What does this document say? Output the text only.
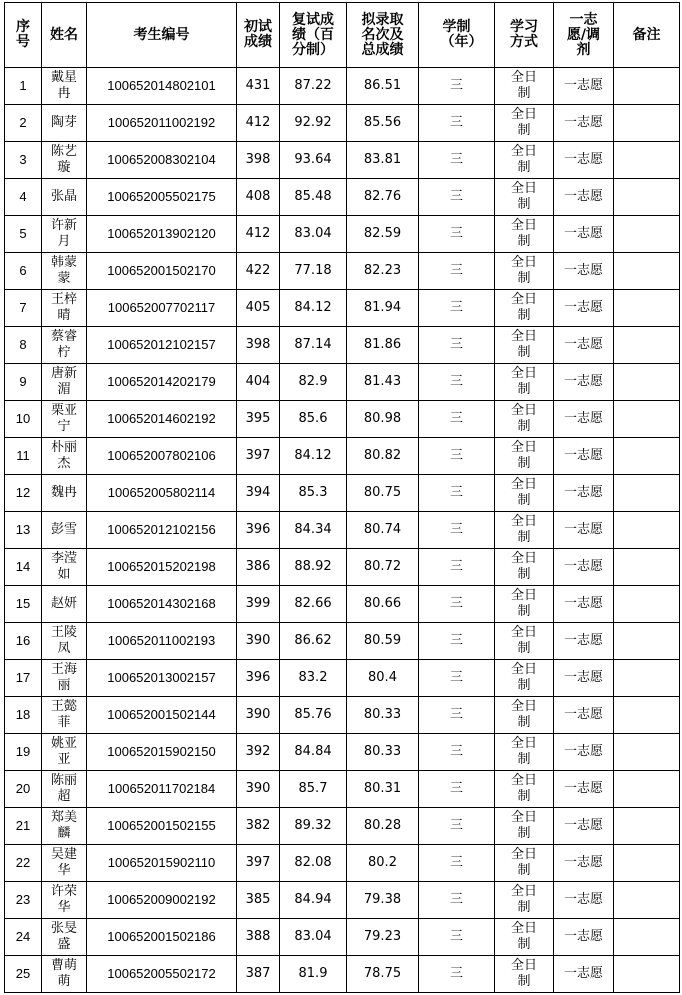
序号	姓名	考生编号	初试成绩	复试成绩（百分制）	拟录取名次及总成绩	学制（年）	学习方式	一志愿/调剂	备注
1	戴星冉	100652014802101	431	87.22	86.51	三	全日制	一志愿	
2	陶芽	100652011002192	412	92.92	85.56	三	全日制	一志愿	
3	陈艺璇	100652008302104	398	93.64	83.81	三	全日制	一志愿	
4	张晶	100652005502175	408	85.48	82.76	三	全日制	一志愿	
5	许新月	100652013902120	412	83.04	82.59	三	全日制	一志愿	
6	韩蒙蒙	100652001502170	422	77.18	82.23	三	全日制	一志愿	
7	王梓晴	100652007702117	405	84.12	81.94	三	全日制	一志愿	
8	蔡睿柠	100652012102157	398	87.14	81.86	三	全日制	一志愿	
9	唐新湄	100652014202179	404	82.9	81.43	三	全日制	一志愿	
10	栗亚宁	100652014602192	395	85.6	80.98	三	全日制	一志愿	
11	朴丽杰	100652007802106	397	84.12	80.82	三	全日制	一志愿	
12	魏冉	100652005802114	394	85.3	80.75	三	全日制	一志愿	
13	彭雪	100652012102156	396	84.34	80.74	三	全日制	一志愿	
14	李滢如	100652015202198	386	88.92	80.72	三	全日制	一志愿	
15	赵妍	100652014302168	399	82.66	80.66	三	全日制	一志愿	
16	王陵凤	100652011002193	390	86.62	80.59	三	全日制	一志愿	
17	王海丽	100652013002157	396	83.2	80.4	三	全日制	一志愿	
18	王懿菲	100652001502144	390	85.76	80.33	三	全日制	一志愿	
19	姚亚亚	100652015902150	392	84.84	80.33	三	全日制	一志愿	
20	陈丽超	100652011702184	390	85.7	80.31	三	全日制	一志愿	
21	郑美麟	100652001502155	382	89.32	80.28	三	全日制	一志愿	
22	吴建华	100652015902110	397	82.08	80.2	三	全日制	一志愿	
23	许荣华	100652009002192	385	84.94	79.38	三	全日制	一志愿	
24	张旻盛	100652001502186	388	83.04	79.23	三	全日制	一志愿	
25	曹萌萌	100652005502172	387	81.9	78.75	三	全日制	一志愿	
